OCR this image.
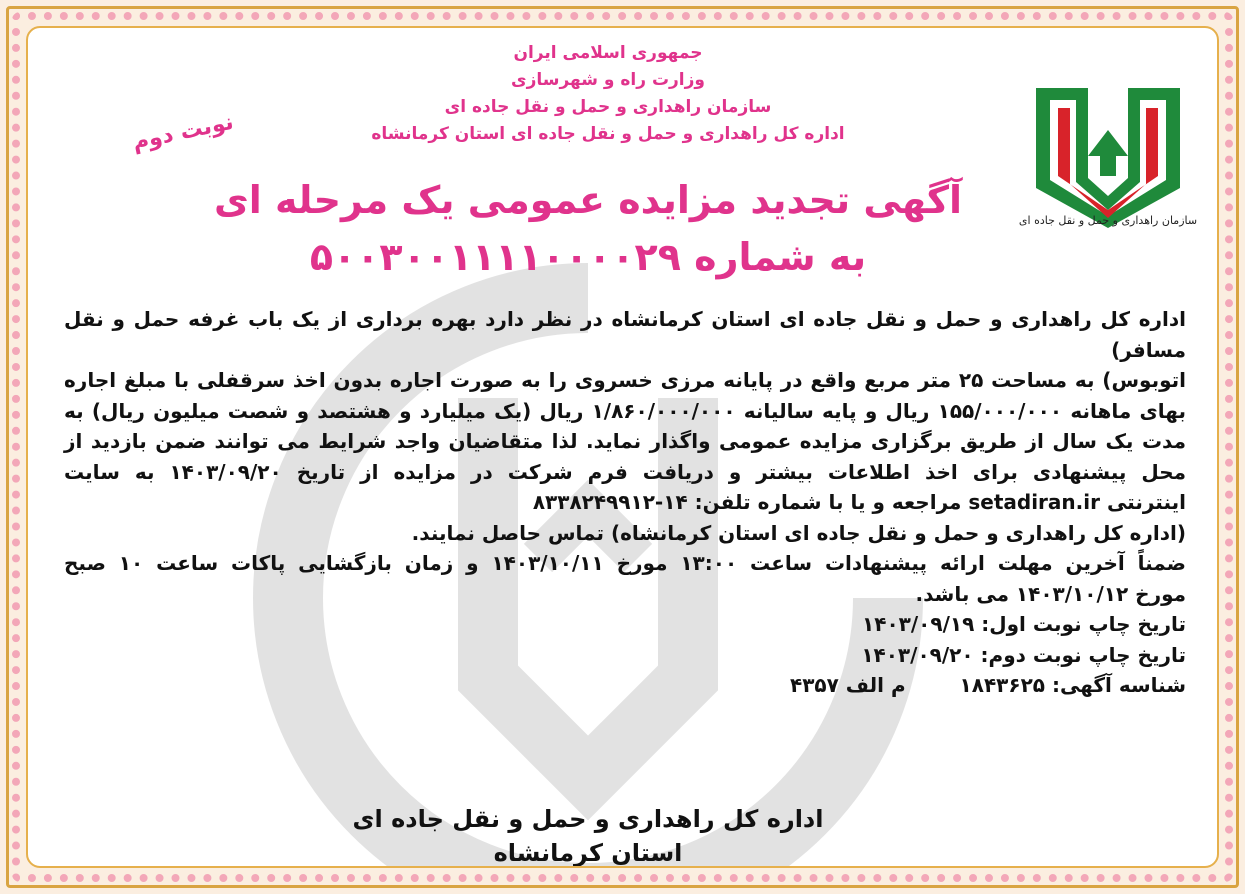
سازمان راهداری و حمل و نقل جاده ای
نوبت دوم
جمهوری اسلامی ایران
وزارت راه و شهرسازی
سازمان راهداری و حمل و نقل جاده ای
اداره کل راهداری و حمل و نقل جاده ای استان کرمانشاه
آگهی تجدید مزایده عمومی یک مرحله ای
به شماره ۵۰۰۳۰۰۱۱۱۱۰۰۰۰۲۹

اداره کل راهداری و حمل و نقل جاده ای استان کرمانشاه در نظر دارد بهره برداری از یک باب غرفه حمل و نقل مسافر)

اتوبوس) به مساحت ۲۵ متر مربع واقع در پایانه مرزی خسروی را به صورت اجاره بدون اخذ سرقفلی با مبلغ اجاره

بهای ماهانه ۱۵۵/۰۰۰/۰۰۰ ریال و پایه سالیانه ۱/۸۶۰/۰۰۰/۰۰۰ ریال (یک میلیارد و هشتصد و شصت میلیون ریال) به

مدت یک سال از طریق برگزاری مزایده عمومی واگذار نماید. لذا متقاضیان واجد شرایط می توانند ضمن بازدید از

محل پیشنهادی برای اخذ اطلاعات بیشتر و دریافت فرم شرکت در مزایده از تاریخ ۱۴۰۳/۰۹/۲۰ به سایت

اینترنتی setadiran.ir مراجعه و یا با شماره تلفن: ۱۴-۸۳۳۸۲۴۹۹۱۲

(اداره کل راهداری و حمل و نقل جاده ای استان کرمانشاه) تماس حاصل نمایند.

ضمناً آخرین مهلت ارائه پیشنهادات ساعت ۱۳:۰۰ مورخ ۱۴۰۳/۱۰/۱۱ و زمان بازگشایی پاکات ساعت ۱۰ صبح

مورخ ۱۴۰۳/۱۰/۱۲ می باشد.

تاریخ چاپ نوبت اول: ۱۴۰۳/۰۹/۱۹
تاریخ چاپ نوبت دوم: ۱۴۰۳/۰۹/۲۰
شناسه آگهی: ۱۸۴۳۶۲۵  م الف ۴۳۵۷
اداره کل راهداری و حمل و نقل جاده ای
استان کرمانشاه
